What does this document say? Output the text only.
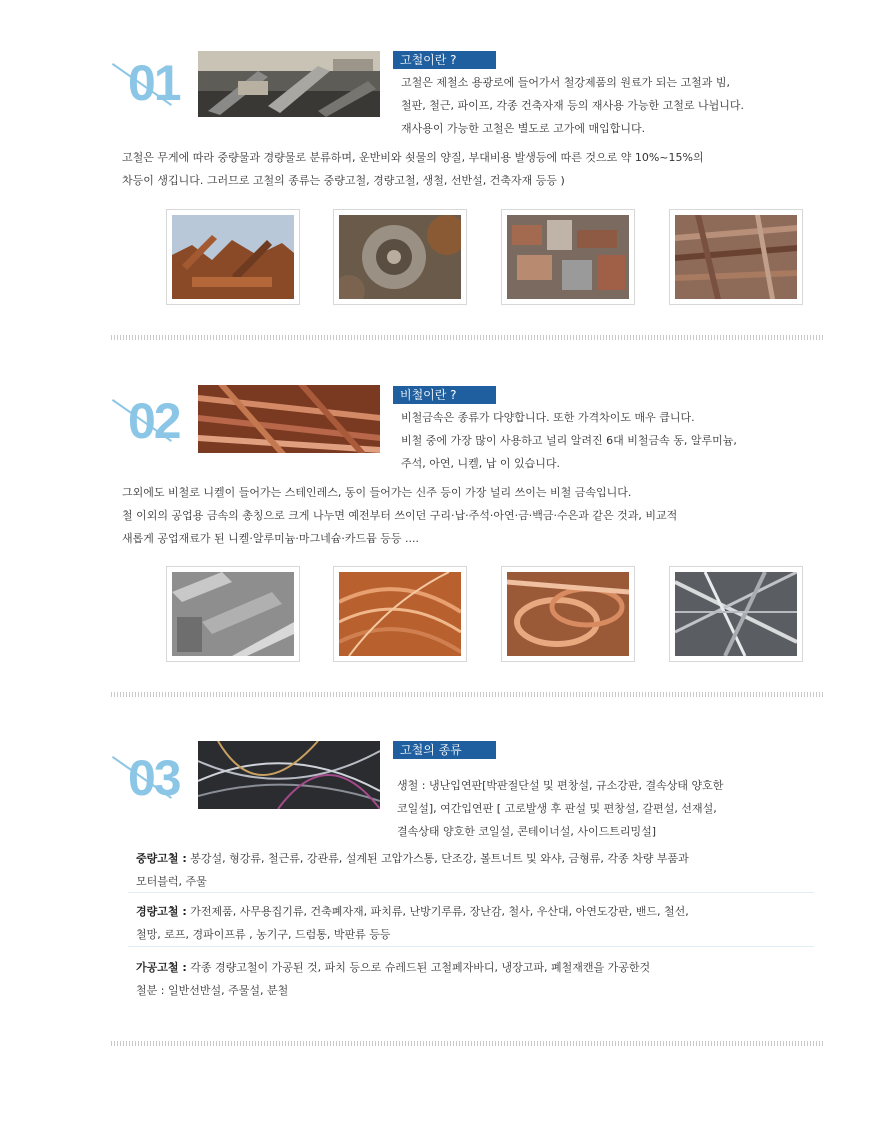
01	고철이란 ?
고철은 제철소 용광로에 들어가서 철강제품의 원료가 되는 고철과 빔,
철판, 철근, 파이프, 각종 건축자재 등의 재사용 가능한 고철로 나뉩니다.
재사용이 가능한 고철은 별도로 고가에 매입합니다.
고철은 무게에 따라 중량물과 경량물로 분류하며, 운반비와 쇳물의 양질, 부대비용 발생등에 따른 것으로 약 10%~15%의
차등이 생깁니다. 그러므로 고철의 종류는 중량고철, 경량고철, 생철, 선반설, 건축자재 등등 )
02	비철이란 ?
비철금속은 종류가 다양합니다. 또한 가격차이도 매우 큽니다.
비철 중에 가장 많이 사용하고 널리 알려진 6대 비철금속 동, 알루미늄,
주석, 아연, 니켈, 납 이 있습니다.
그외에도 비철로 니켈이 들어가는 스테인레스, 동이 들어가는 신주 등이 가장 널리 쓰이는 비철 금속입니다.
철 이외의 공업용 금속의 총칭으로 크게 나누면 예전부터 쓰이던 구리·납·주석·아연·금·백금·수은과 같은 것과, 비교적
새롭게 공업재료가 된 니켈·알루미늄·마그네슘·카드뮴 등등 ....
03	고철의 종류
생철 : 냉난입연판[박판절단설 및 편창설, 규소강판, 결속상태 양호한
코일설], 여간입연판 [ 고로발생 후 판설 및 편창설, 갈편설, 선재설,
결속상태 양호한 코일설, 콘테이너설, 사이드트리밍설]
중량고철 : 봉강설, 형강류, 철근류, 강관류, 설계된 고압가스통, 단조강, 볼트너트 및 와샤, 금형류, 각종 차량 부품과
모터블럭, 주물
경량고철 : 가전제품, 사무용집기류, 건축폐자재, 파치류, 난방기루류, 장난감, 철사, 우산대, 아연도강판, 밴드, 철선,
철망, 로프, 경파이프류 , 농기구, 드럼통, 박판류 등등
가공고철 : 각종 경량고철이 가공된 것, 파치 등으로 슈레드된 고철페자바디, 냉장고파, 폐철재캔을 가공한것
철분 : 일반선반설, 주물설, 분철
